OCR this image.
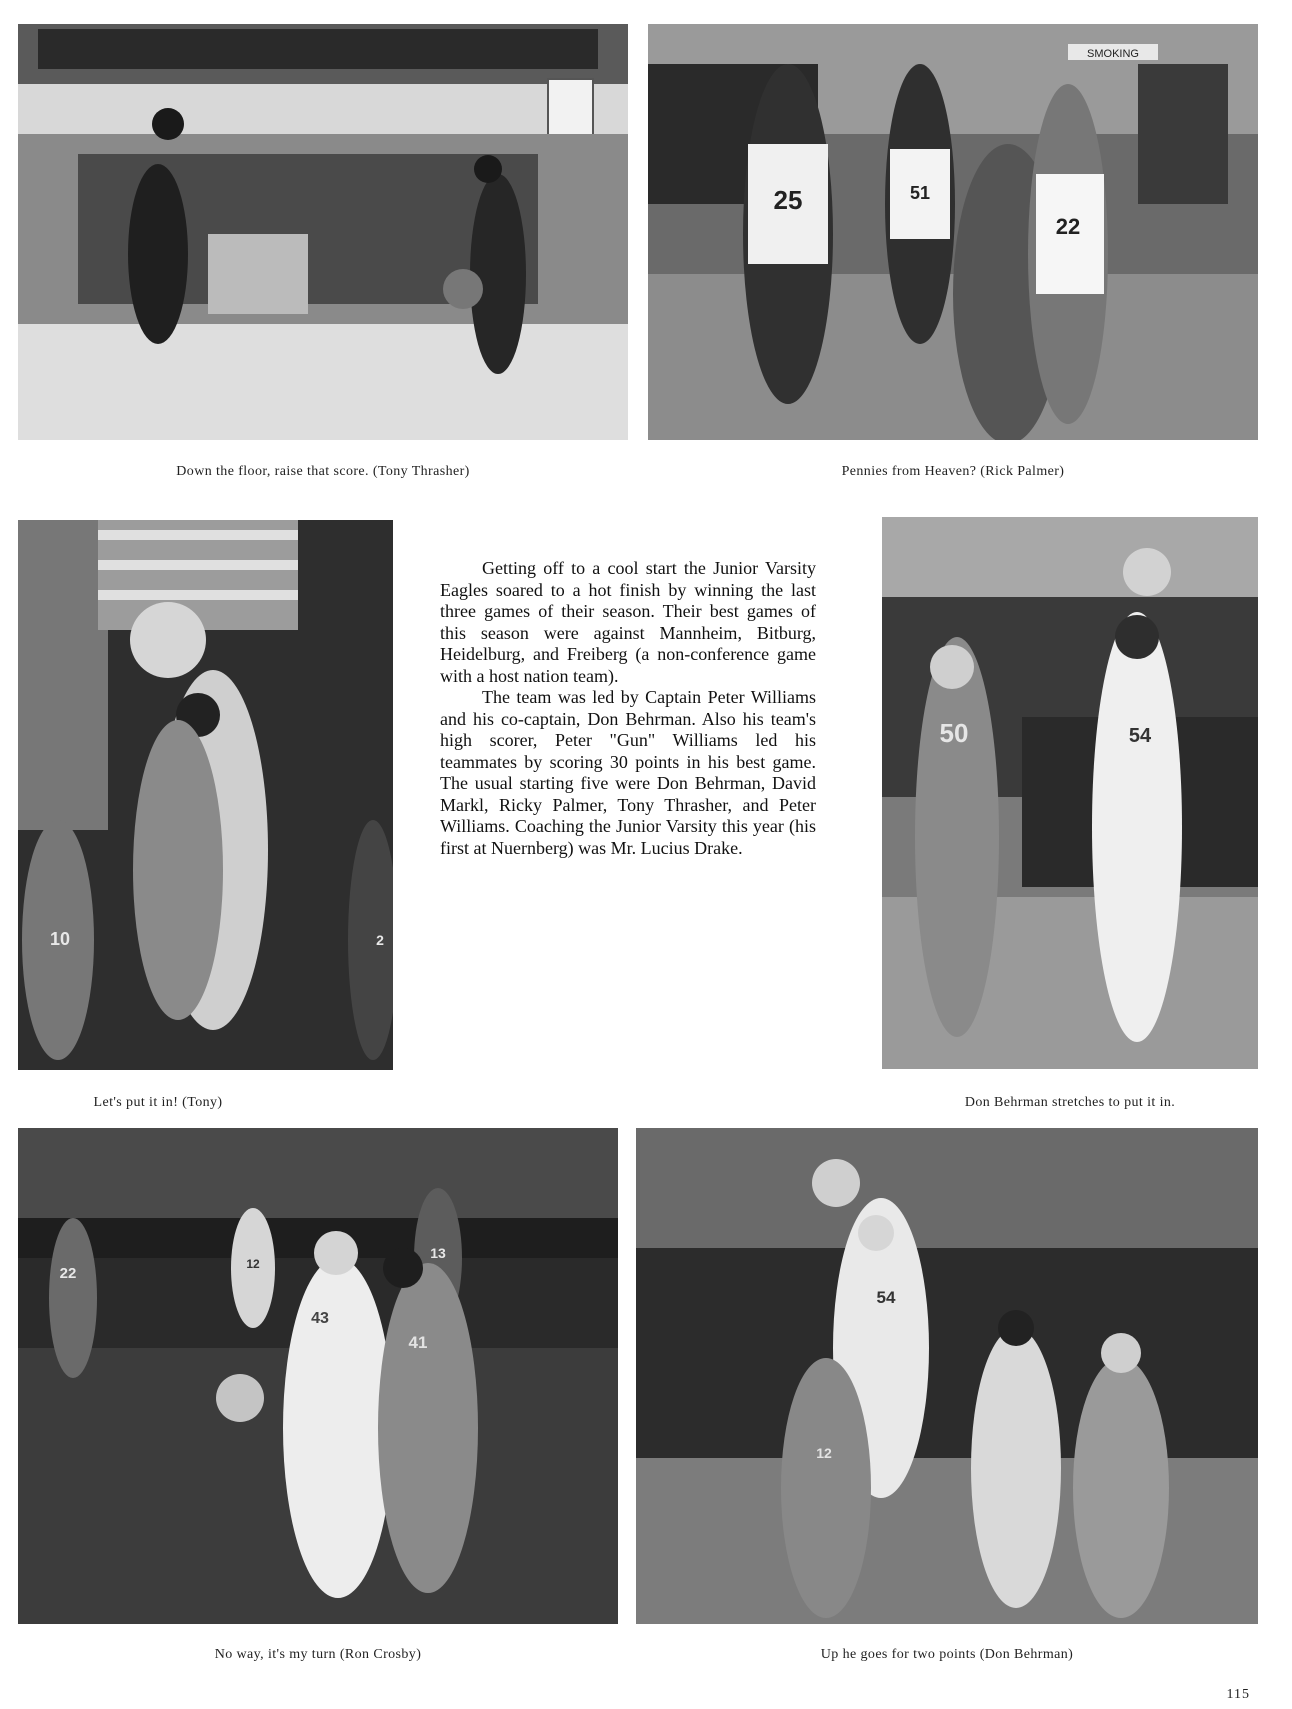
Down the floor, raise that score. (Tony Thrasher)
SMOKING
25	51
22
Pennies from Heaven? (Rick Palmer)
10	2
Let's put it in! (Tony)

Getting off to a cool start the Junior Varsity Eagles soared to a hot finish by winning the last three games of their season. Their best games of this season were against Mannheim, Bitburg, Heidelburg, and Freiberg (a non-conference game with a host nation team).

The team was led by Captain Peter Williams and his co-captain, Don Behrman. Also his team's high scorer, Peter "Gun" Williams led his teammates by scoring 30 points in his best game. The usual starting five were Don Behrman, David Markl, Ricky Palmer, Tony Thrasher, and Peter Williams. Coaching the Junior Varsity this year (his first at Nuernberg) was Mr. Lucius Drake.

50	54
Don Behrman stretches to put it in.
22
12
13
43
41
No way, it's my turn (Ron Crosby)
54
12
Up he goes for two points (Don Behrman)
115
